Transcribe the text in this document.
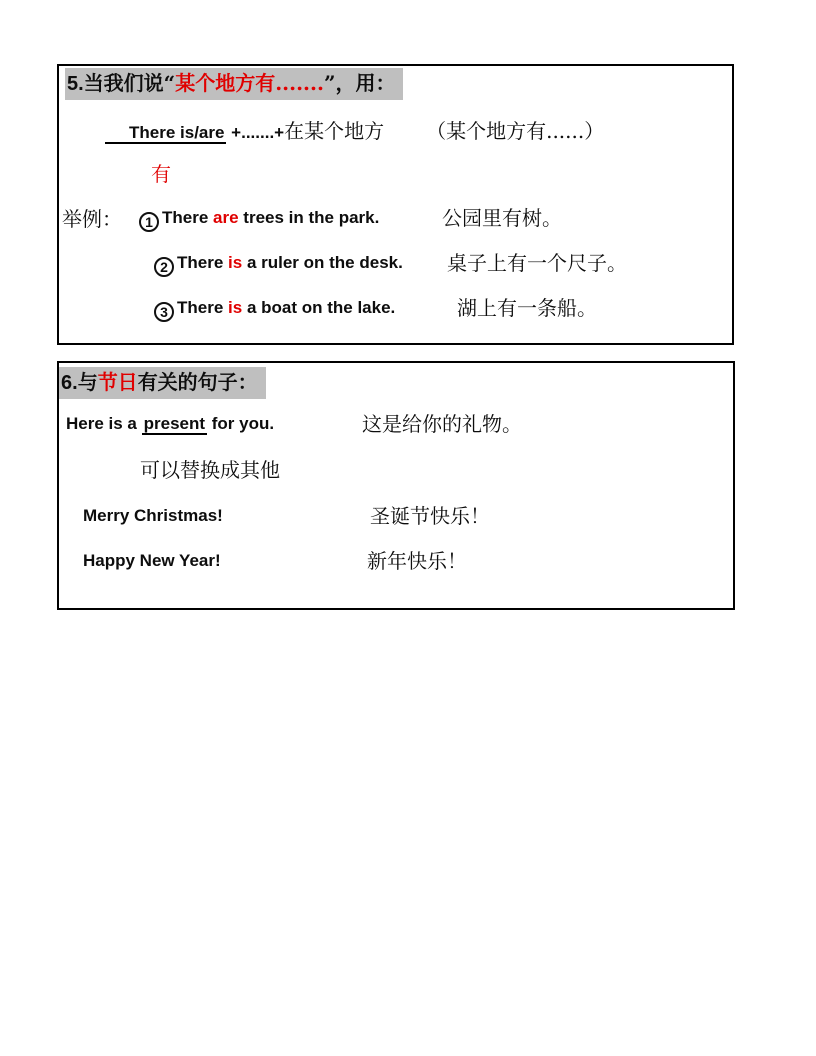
5.当我们说“某个地方有.......”，用：
There is/are +.......+在某个地方 （某个地方有......）
有
举例：	1 There are trees in the park.	公园里有树。
2 There is a ruler on the desk. 桌子上有一个尺子。
3 There is a boat on the lake.	湖上有一条船。
6.与节日有关的句子：
Here is a present for you.	这是给你的礼物。
可以替换成其他
Merry Christmas!	圣诞节快乐！
Happy New Year!	新年快乐！
